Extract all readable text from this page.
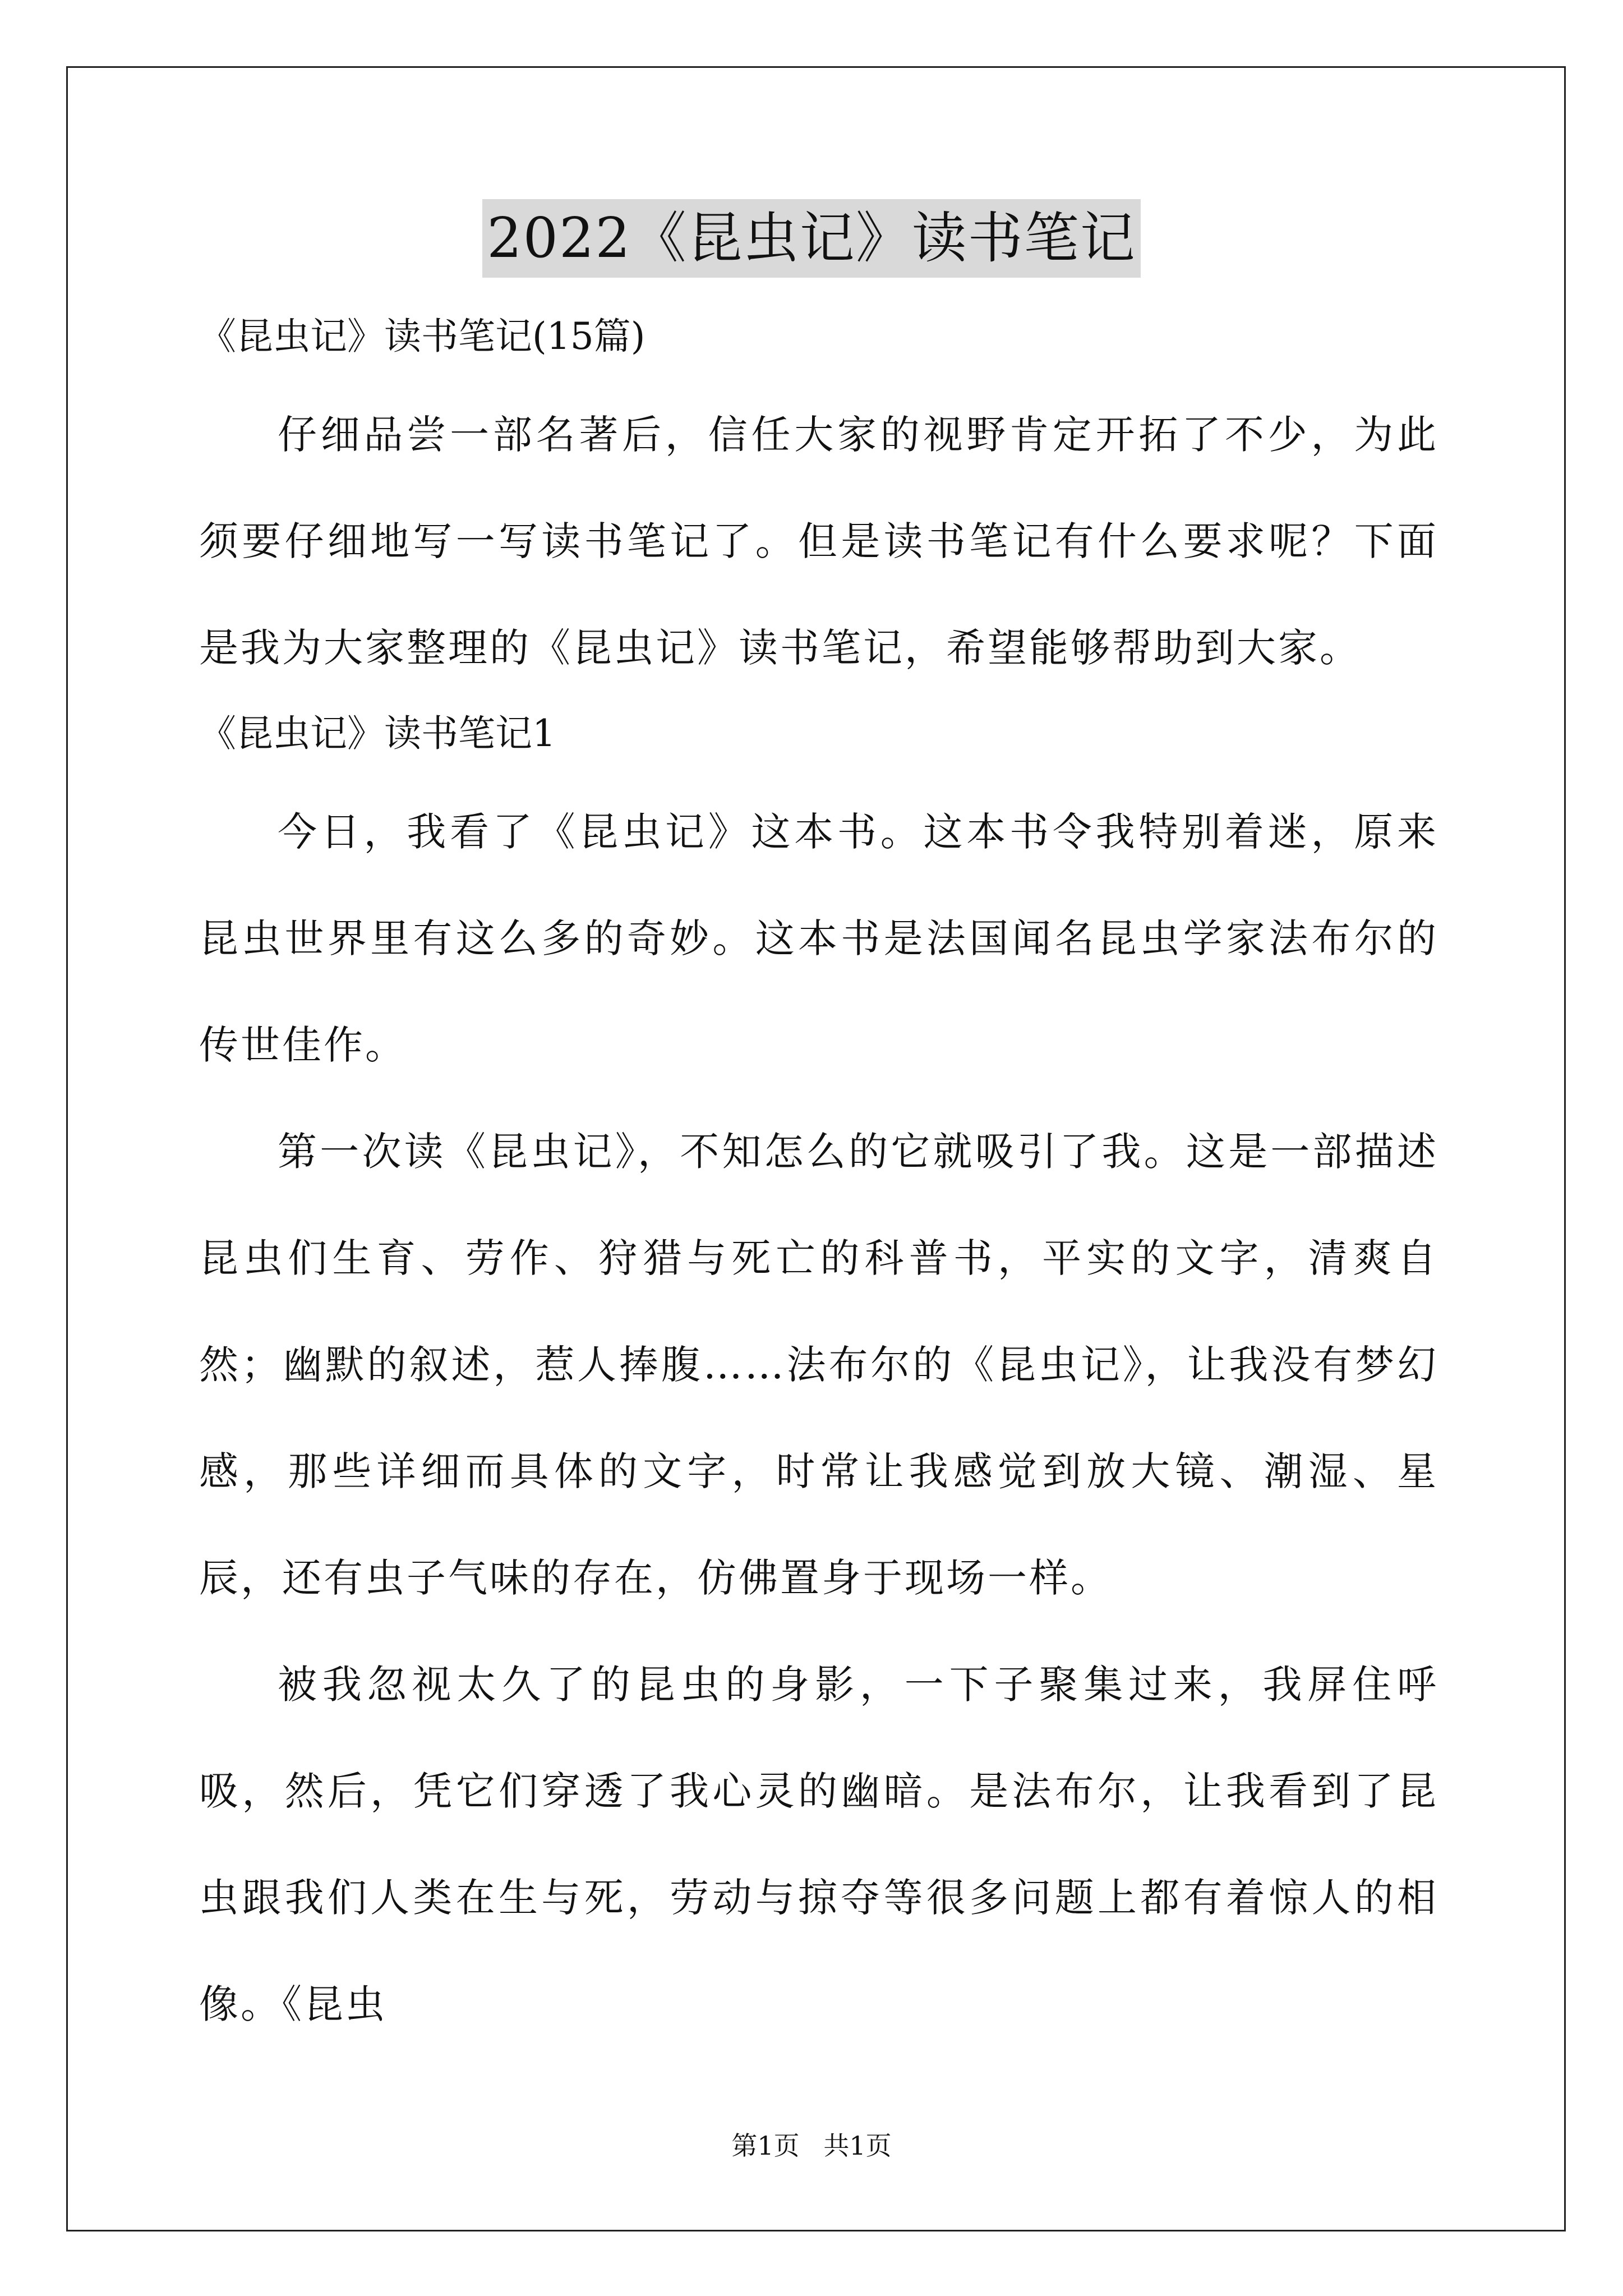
2022《昆虫记》读书笔记

《昆虫记》读书笔记(15篇)

仔细品尝一部名著后，信任大家的视野肯定开拓了不少，为此须要仔细地写一写读书笔记了。但是读书笔记有什么要求呢？下面是我为大家整理的《昆虫记》读书笔记，希望能够帮助到大家。

《昆虫记》读书笔记1

今日，我看了《昆虫记》这本书。这本书令我特别着迷，原来昆虫世界里有这么多的奇妙。这本书是法国闻名昆虫学家法布尔的传世佳作。

第一次读《昆虫记》，不知怎么的它就吸引了我。这是一部描述昆虫们生育、劳作、狩猎与死亡的科普书，平实的文字，清爽自然；幽默的叙述，惹人捧腹……法布尔的《昆虫记》，让我没有梦幻感，那些详细而具体的文字，时常让我感觉到放大镜、潮湿、星辰，还有虫子气味的存在，仿佛置身于现场一样。

被我忽视太久了的昆虫的身影，一下子聚集过来，我屏住呼吸，然后，凭它们穿透了我心灵的幽暗。是法布尔，让我看到了昆虫跟我们人类在生与死，劳动与掠夺等很多问题上都有着惊人的相像。《昆虫

第1页 共1页
